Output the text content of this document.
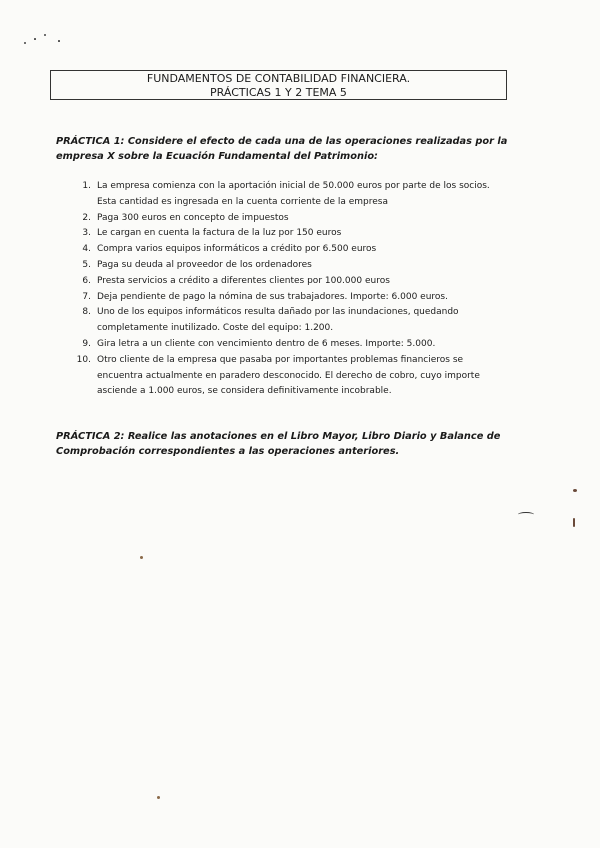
FUNDAMENTOS DE CONTABILIDAD FINANCIERA.
PRÁCTICAS 1 Y 2 TEMA 5
PRÁCTICA 1: Considere el efecto de cada una de las operaciones realizadas por la empresa X sobre la Ecuación Fundamental del Patrimonio:
1. La empresa comienza con la aportación inicial de 50.000 euros por parte de los socios. Esta cantidad es ingresada en la cuenta corriente de la empresa
2. Paga 300 euros en concepto de impuestos
3. Le cargan en cuenta la factura de la luz por 150 euros
4. Compra varios equipos informáticos a crédito por 6.500 euros
5. Paga su deuda al proveedor de los ordenadores
6. Presta servicios a crédito a diferentes clientes por 100.000 euros
7. Deja pendiente de pago la nómina de sus trabajadores. Importe: 6.000 euros.
8. Uno de los equipos informáticos resulta dañado por las inundaciones, quedando completamente inutilizado. Coste del equipo: 1.200.
9. Gira letra a un cliente con vencimiento dentro de 6 meses. Importe: 5.000.
10. Otro cliente de la empresa que pasaba por importantes problemas financieros se encuentra actualmente en paradero desconocido. El derecho de cobro, cuyo importe asciende a 1.000 euros, se considera definitivamente incobrable.
PRÁCTICA 2: Realice las anotaciones en el Libro Mayor, Libro Diario y Balance de Comprobación correspondientes a las operaciones anteriores.
